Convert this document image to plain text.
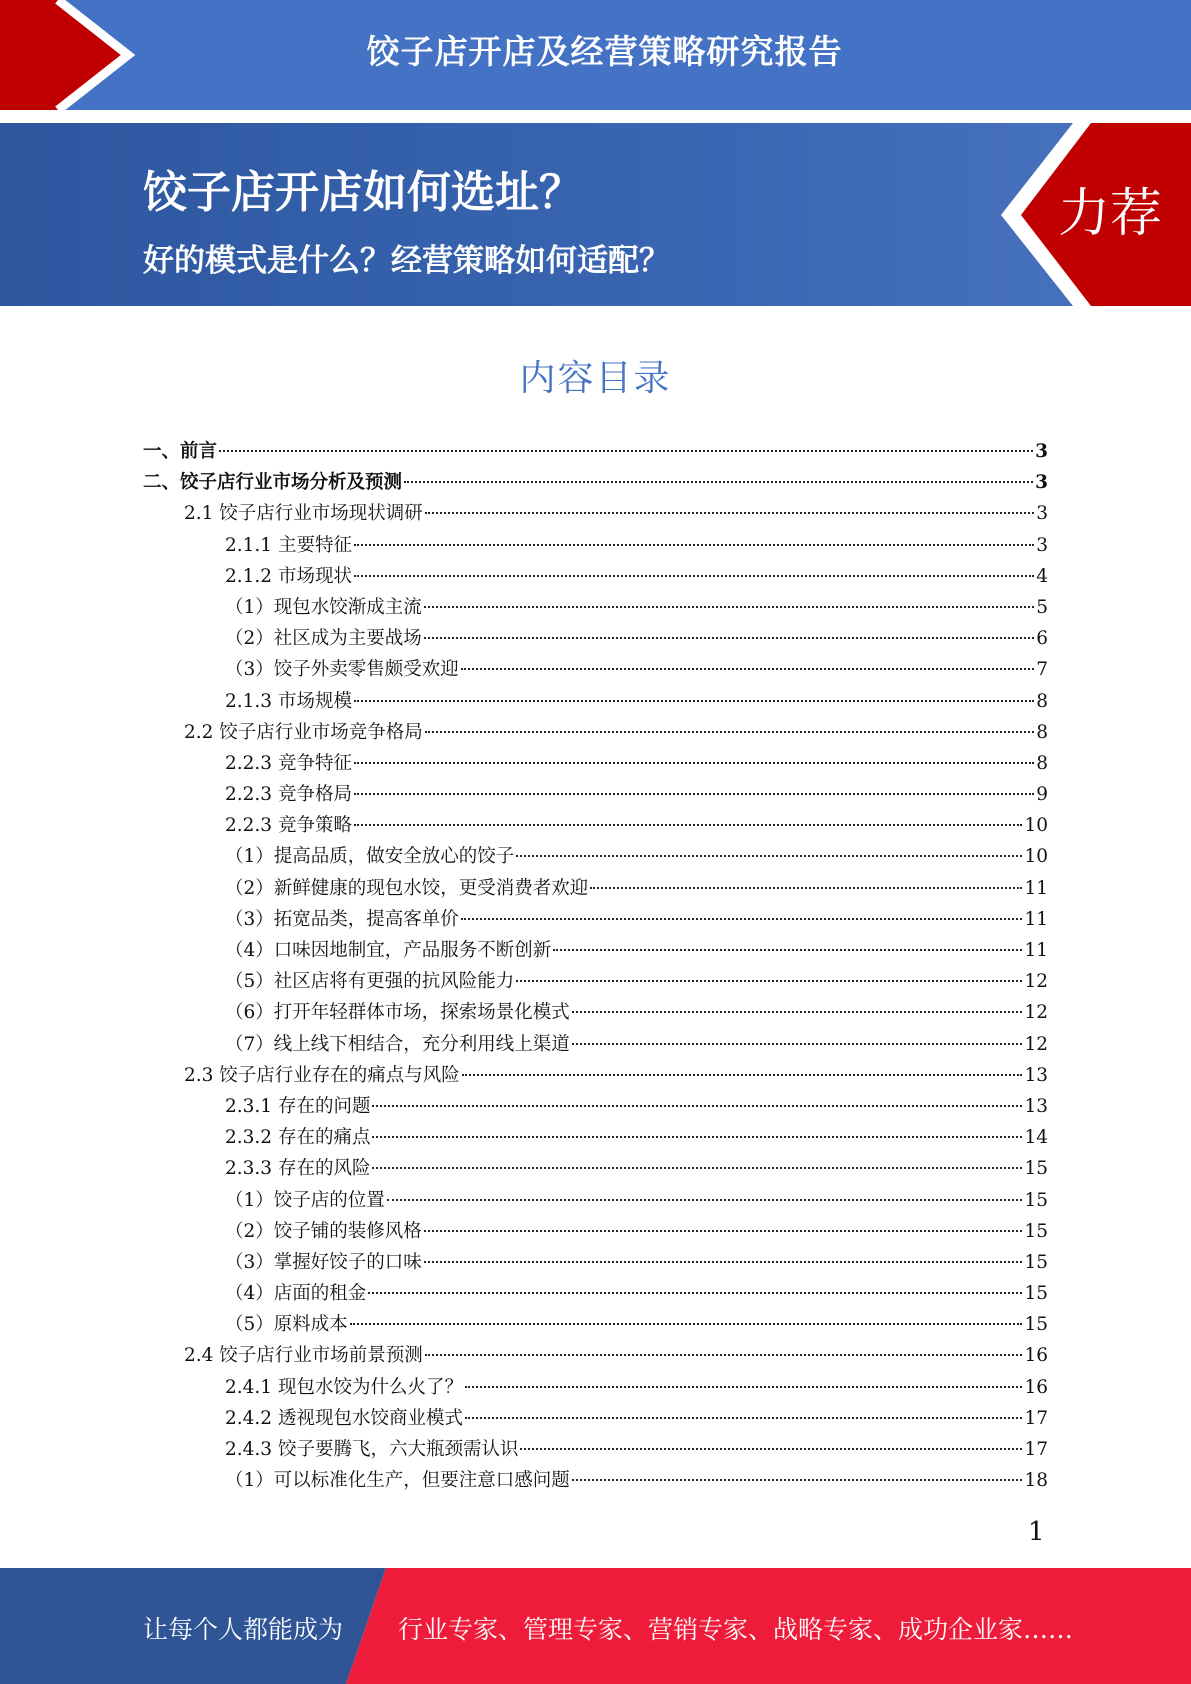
饺子店开店及经营策略研究报告
饺子店开店如何选址？
好的模式是什么？经营策略如何适配？
力荐
内容目录
一、前言	3
二、饺子店行业市场分析及预测	3
2.1 饺子店行业市场现状调研	3
2.1.1 主要特征	3
2.1.2 市场现状	4
（1）现包水饺渐成主流	5
（2）社区成为主要战场	6
（3）饺子外卖零售颇受欢迎	7
2.1.3 市场规模	8
2.2 饺子店行业市场竞争格局	8
2.2.3 竞争特征	8
2.2.3 竞争格局	9
2.2.3 竞争策略	10
（1）提高品质，做安全放心的饺子	10
（2）新鲜健康的现包水饺，更受消费者欢迎	11
（3）拓宽品类，提高客单价	11
（4）口味因地制宜，产品服务不断创新	11
（5）社区店将有更强的抗风险能力	12
（6）打开年轻群体市场，探索场景化模式	12
（7）线上线下相结合，充分利用线上渠道	12
2.3 饺子店行业存在的痛点与风险	13
2.3.1 存在的问题	13
2.3.2 存在的痛点	14
2.3.3 存在的风险	15
（1）饺子店的位置	15
（2）饺子铺的装修风格	15
（3）掌握好饺子的口味	15
（4）店面的租金	15
（5）原料成本	15
2.4 饺子店行业市场前景预测	16
2.4.1 现包水饺为什么火了？	16
2.4.2 透视现包水饺商业模式	17
2.4.3 饺子要腾飞，六大瓶颈需认识	17
（1）可以标准化生产，但要注意口感问题	18
1
让每个人都能成为 行业专家、管理专家、营销专家、战略专家、成功企业家……
